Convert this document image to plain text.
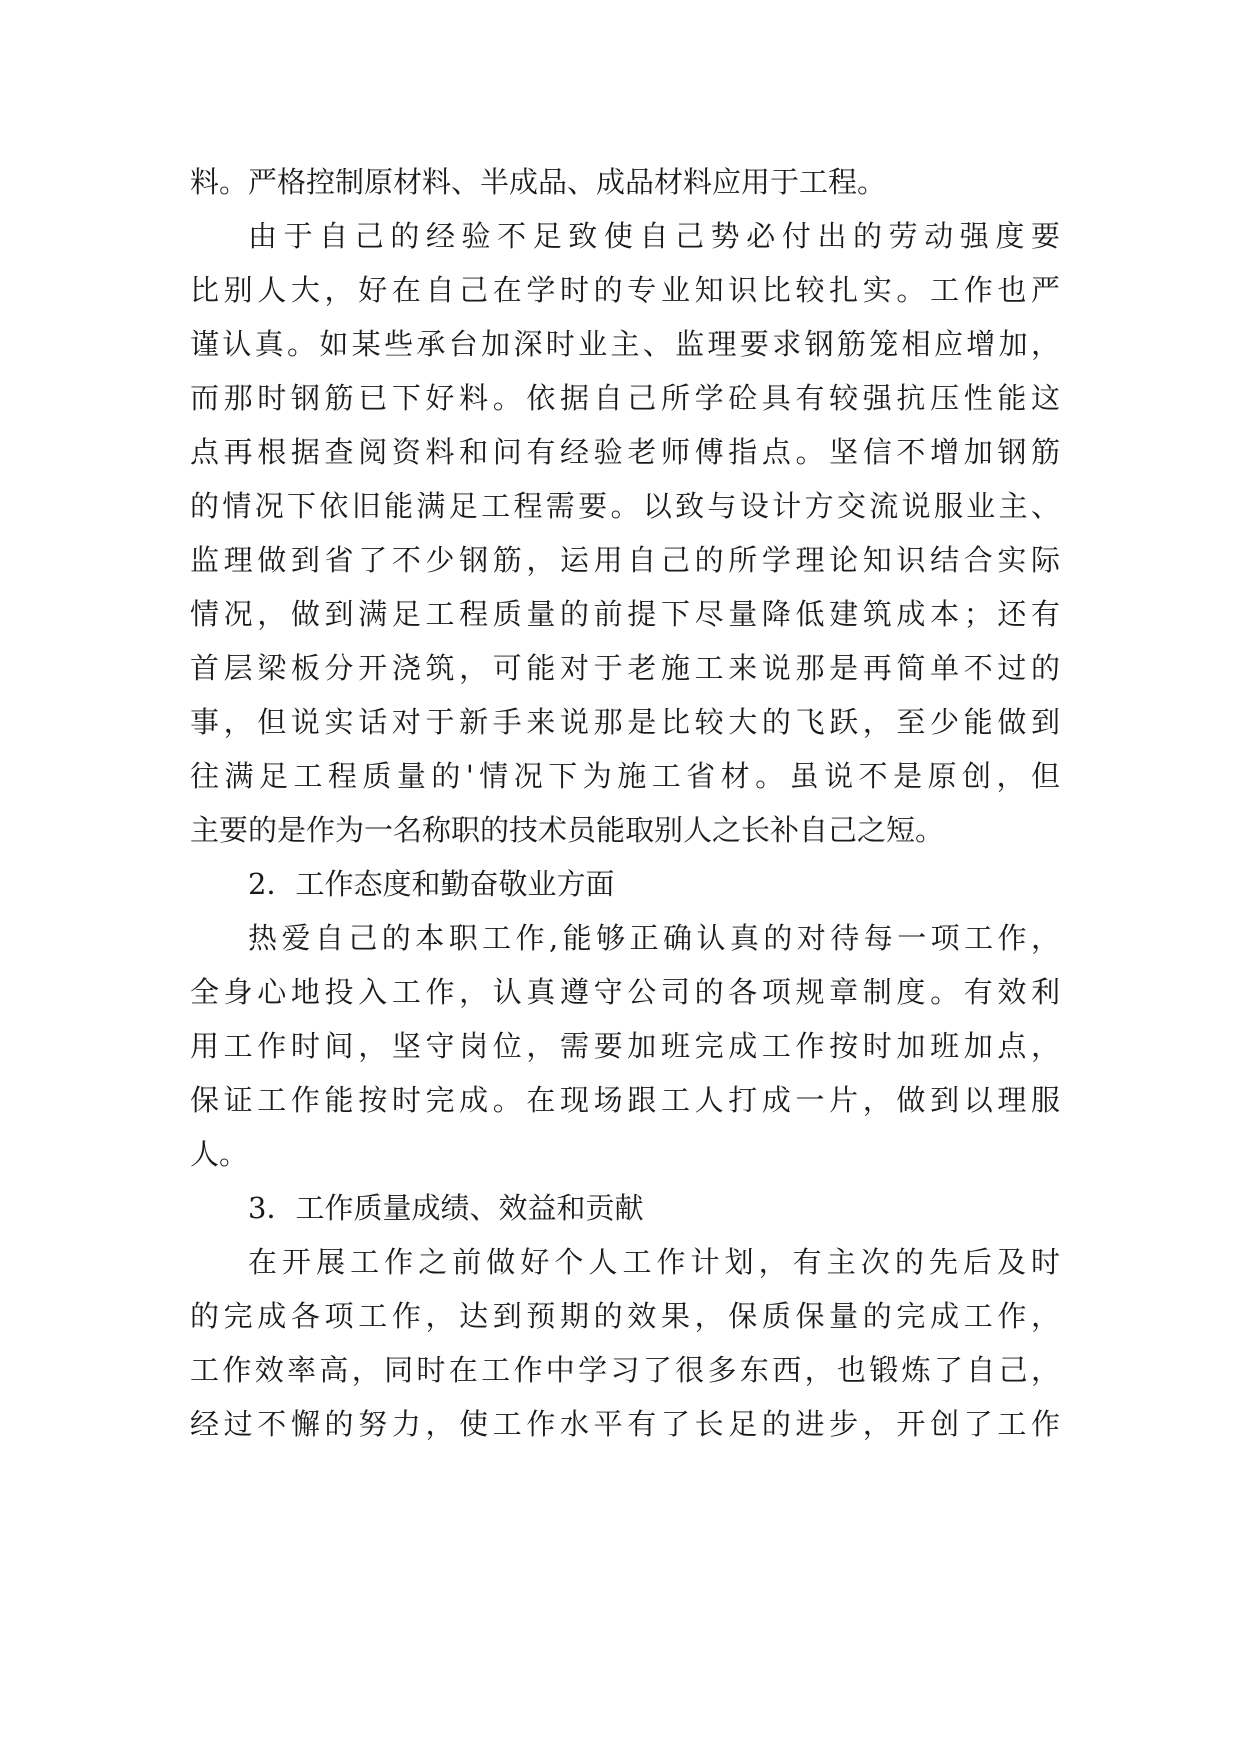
料。严格控制原材料、半成品、成品材料应用于工程。
由于自己的经验不足致使自己势必付出的劳动强度要
比别人大，好在自己在学时的专业知识比较扎实。工作也严
谨认真。如某些承台加深时业主、监理要求钢筋笼相应增加，
而那时钢筋已下好料。依据自己所学砼具有较强抗压性能这
点再根据查阅资料和问有经验老师傅指点。坚信不增加钢筋
的情况下依旧能满足工程需要。以致与设计方交流说服业主、
监理做到省了不少钢筋，运用自己的所学理论知识结合实际
情况，做到满足工程质量的前提下尽量降低建筑成本；还有
首层梁板分开浇筑，可能对于老施工来说那是再简单不过的
事，但说实话对于新手来说那是比较大的飞跃，至少能做到
往满足工程质量的'情况下为施工省材。虽说不是原创，但
主要的是作为一名称职的技术员能取别人之长补自己之短。
2．工作态度和勤奋敬业方面
热爱自己的本职工作,能够正确认真的对待每一项工作，
全身心地投入工作，认真遵守公司的各项规章制度。有效利
用工作时间，坚守岗位，需要加班完成工作按时加班加点，
保证工作能按时完成。在现场跟工人打成一片，做到以理服
人。
3．工作质量成绩、效益和贡献
在开展工作之前做好个人工作计划，有主次的先后及时
的完成各项工作，达到预期的效果，保质保量的完成工作，
工作效率高，同时在工作中学习了很多东西，也锻炼了自己，
经过不懈的努力，使工作水平有了长足的进步，开创了工作
